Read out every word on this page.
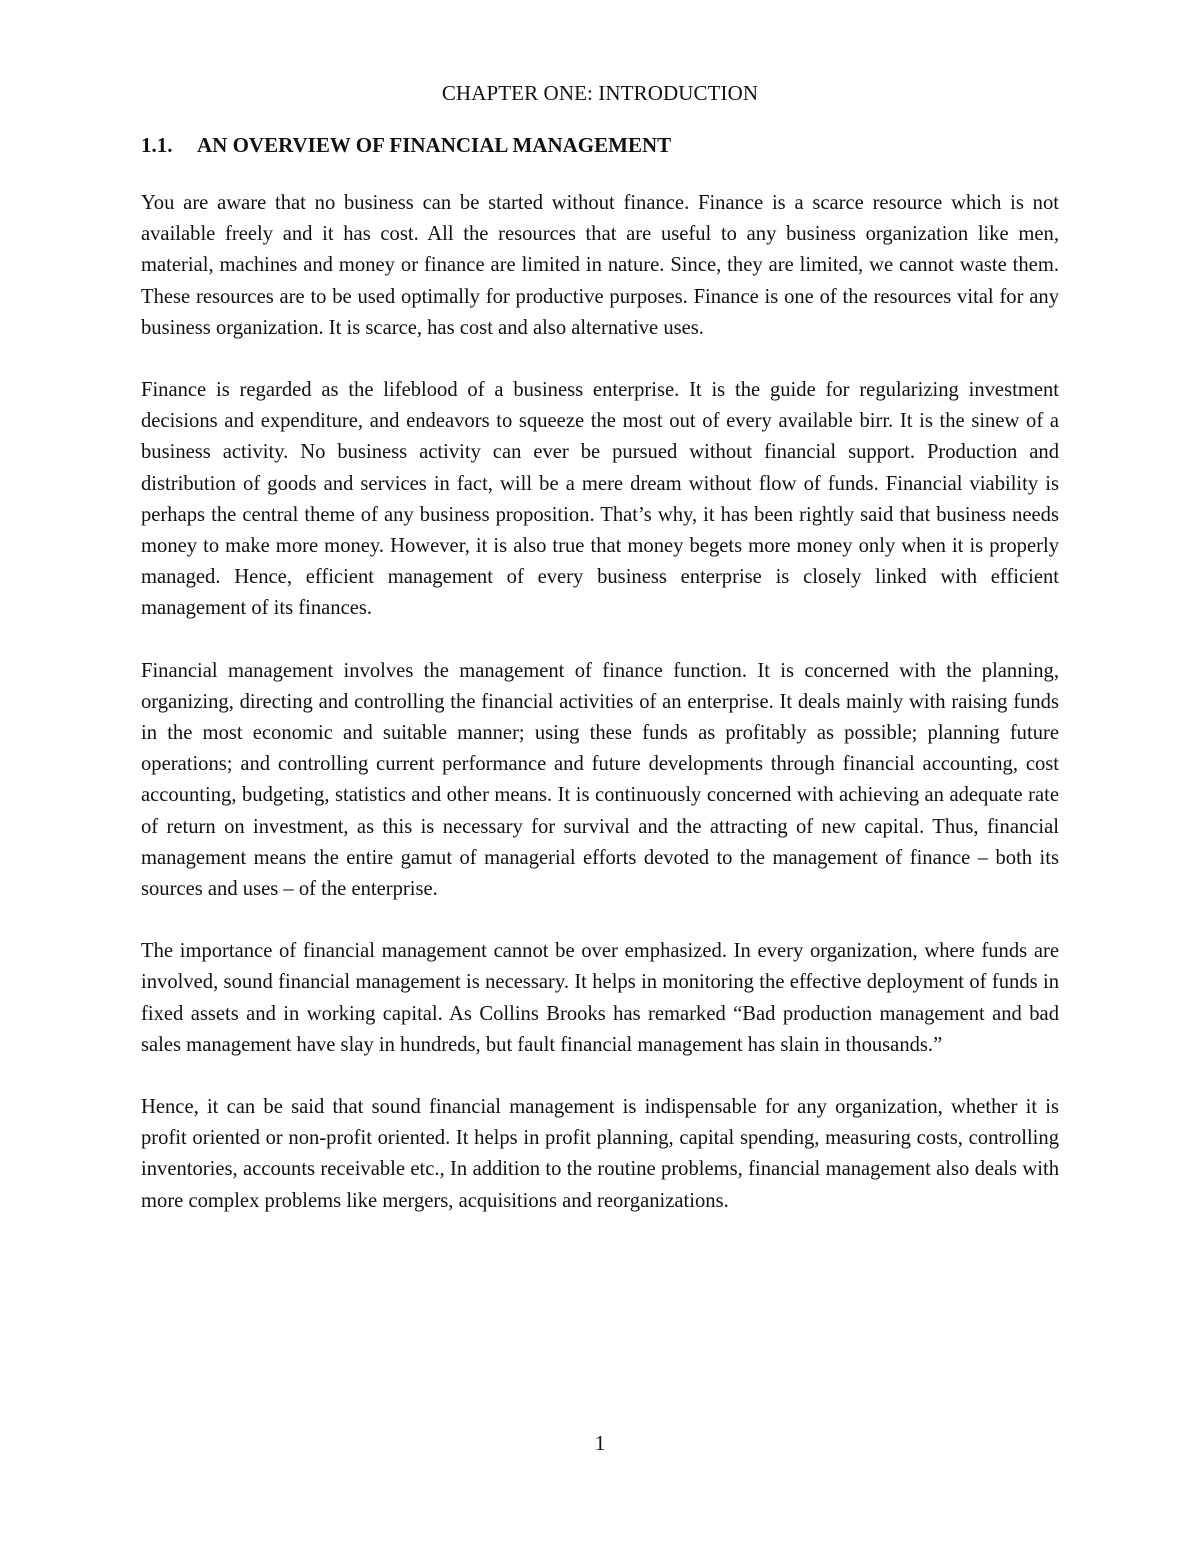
CHAPTER ONE: INTRODUCTION
1.1.	AN OVERVIEW OF FINANCIAL MANAGEMENT

You are aware that no business can be started without finance. Finance is a scarce resource which is not available freely and it has cost. All the resources that are useful to any business organization like men, material, machines and money or finance are limited in nature. Since, they are limited, we cannot waste them. These resources are to be used optimally for productive purposes. Finance is one of the resources vital for any business organization. It is scarce, has cost and also alternative uses.

Finance is regarded as the lifeblood of a business enterprise. It is the guide for regularizing investment decisions and expenditure, and endeavors to squeeze the most out of every available birr. It is the sinew of a business activity. No business activity can ever be pursued without financial support. Production and distribution of goods and services in fact, will be a mere dream without flow of funds. Financial viability is perhaps the central theme of any business proposition. That’s why, it has been rightly said that business needs money to make more money. However, it is also true that money begets more money only when it is properly managed. Hence, efficient management of every business enterprise is closely linked with efficient management of its finances.

Financial management involves the management of finance function. It is concerned with the planning, organizing, directing and controlling the financial activities of an enterprise. It deals mainly with raising funds in the most economic and suitable manner; using these funds as profitably as possible; planning future operations; and controlling current performance and future developments through financial accounting, cost accounting, budgeting, statistics and other means. It is continuously concerned with achieving an adequate rate of return on investment, as this is necessary for survival and the attracting of new capital. Thus, financial management means the entire gamut of managerial efforts devoted to the management of finance – both its sources and uses – of the enterprise.

The importance of financial management cannot be over emphasized. In every organization, where funds are involved, sound financial management is necessary. It helps in monitoring the effective deployment of funds in fixed assets and in working capital. As Collins Brooks has remarked “Bad production management and bad sales management have slay in hundreds, but fault financial management has slain in thousands.”

Hence, it can be said that sound financial management is indispensable for any organization, whether it is profit oriented or non-profit oriented. It helps in profit planning, capital spending, measuring costs, controlling inventories, accounts receivable etc., In addition to the routine problems, financial management also deals with more complex problems like mergers, acquisitions and reorganizations.

1
